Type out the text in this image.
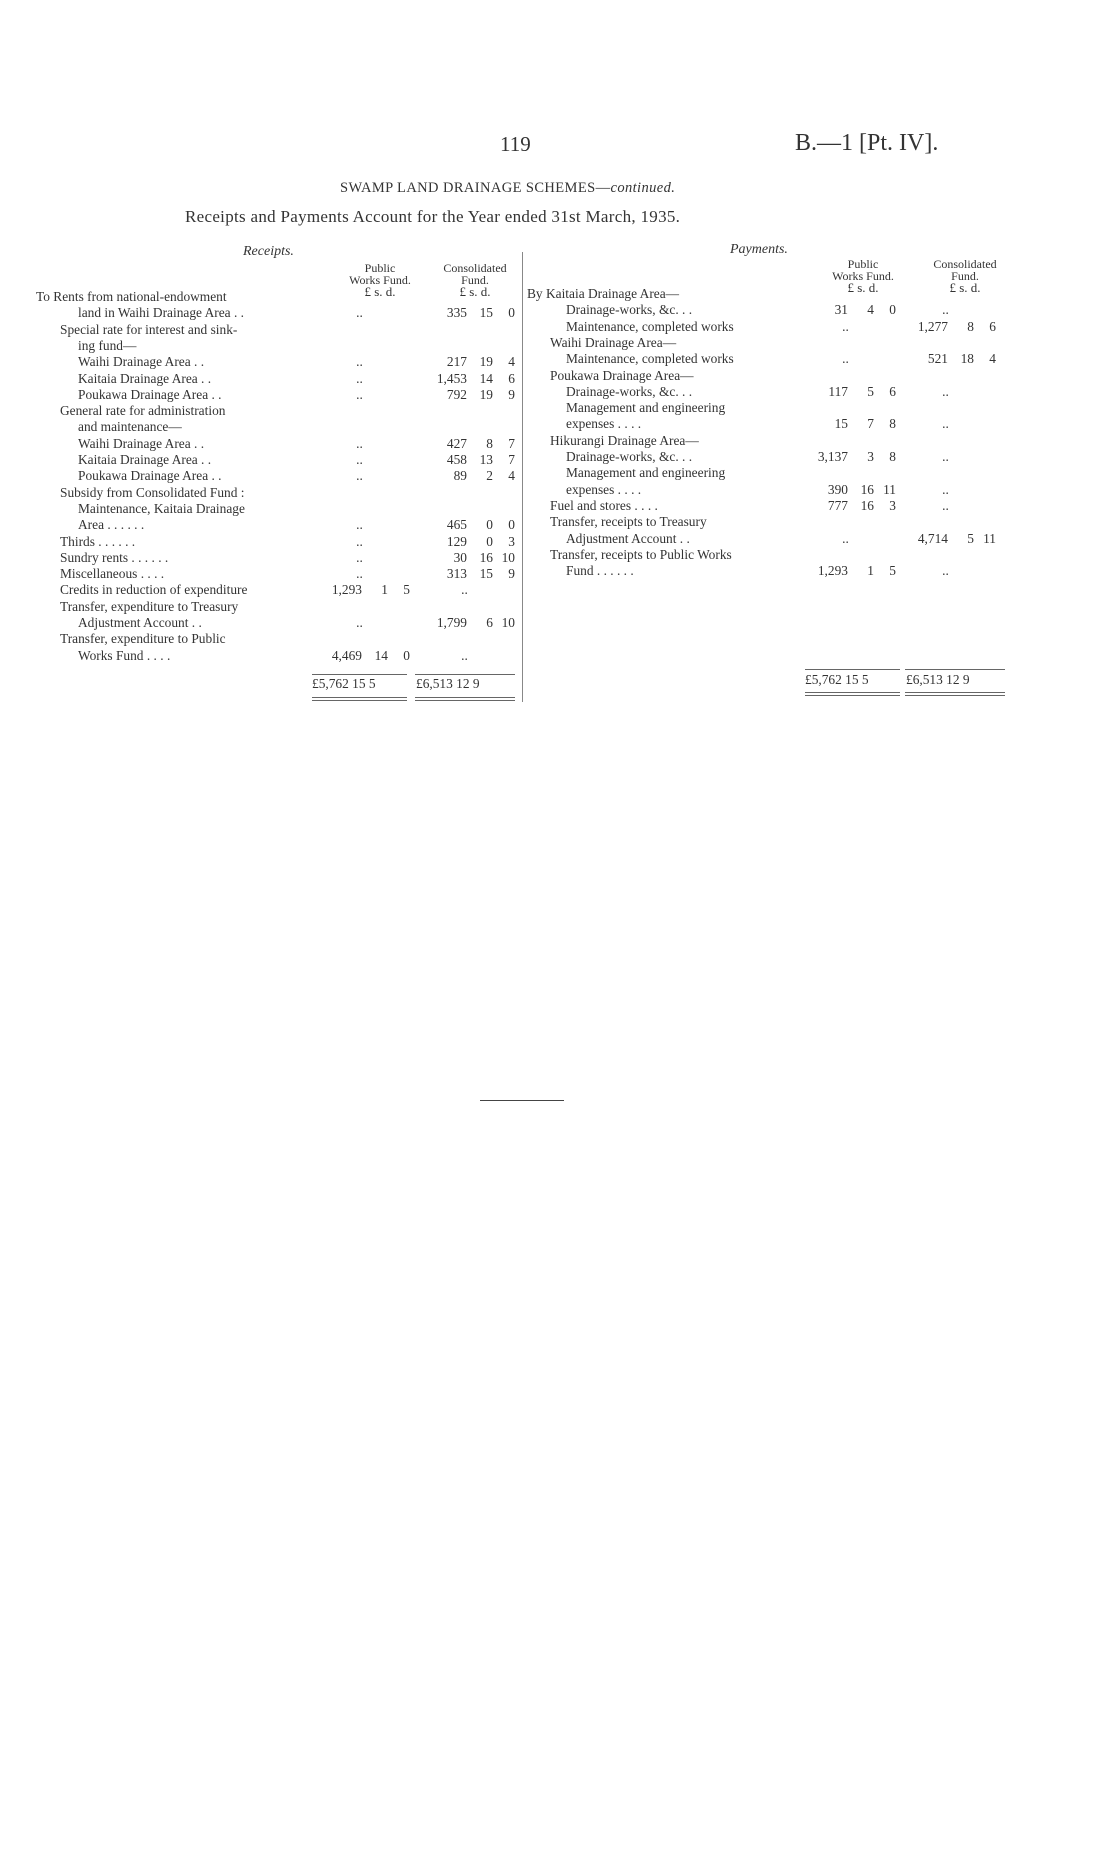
119	B.—1 [Pt. IV].
SWAMP LAND DRAINAGE SCHEMES—continued.
Receipts and Payments Account for the Year ended 31st March, 1935.
Receipts.
Public
Works Fund.
£ s. d.
Consolidated
Fund.
£ s. d.
To Rents from national-endowment
land in Waihi Drainage Area . .	..	335 15	0
Special rate for interest and sink-
ing fund—
Waihi Drainage Area . .	..	217 19	4
Kaitaia Drainage Area . .	..	1,453 14	6
Poukawa Drainage Area . .	..	792 19	9
General rate for administration
and maintenance—
Waihi Drainage Area . .	..	427	8	7
Kaitaia Drainage Area . .	..	458 13	7
Poukawa Drainage Area . .	..	89	2	4
Subsidy from Consolidated Fund :
Maintenance, Kaitaia Drainage
Area . . . . . .	..	465	0	0
Thirds . . . . . .	..	129	0	3
Sundry rents . . . . . .	..	30 16 10
Miscellaneous . . . .	..	313 15	9
Credits in reduction of expenditure	1,293	1	5	..
Transfer, expenditure to Treasury
Adjustment Account . .	..	1,799	6 10
Transfer, expenditure to Public
Works Fund . . . .	4,469 14	0	..
£5,762 15 5	£6,513 12 9
Payments.
Public
Works Fund.
£ s. d.
Consolidated
Fund.
£ s. d.
By Kaitaia Drainage Area—
Drainage-works, &c. . .	31	4	0	..
Maintenance, completed works	..	1,277	8	6
Waihi Drainage Area—
Maintenance, completed works	..	521 18	4
Poukawa Drainage Area—
Drainage-works, &c. . .	117	5	6	..
Management and engineering
expenses . . . .	15	7	8	..
Hikurangi Drainage Area—
Drainage-works, &c. . .	3,137	3	8	..
Management and engineering
expenses . . . .	390 16 11	..
Fuel and stores . . . .	777 16	3	..
Transfer, receipts to Treasury
Adjustment Account . .	..	4,714	5 11
Transfer, receipts to Public Works
Fund . . . . . .	1,293	1	5	..
£5,762 15 5	£6,513 12 9
